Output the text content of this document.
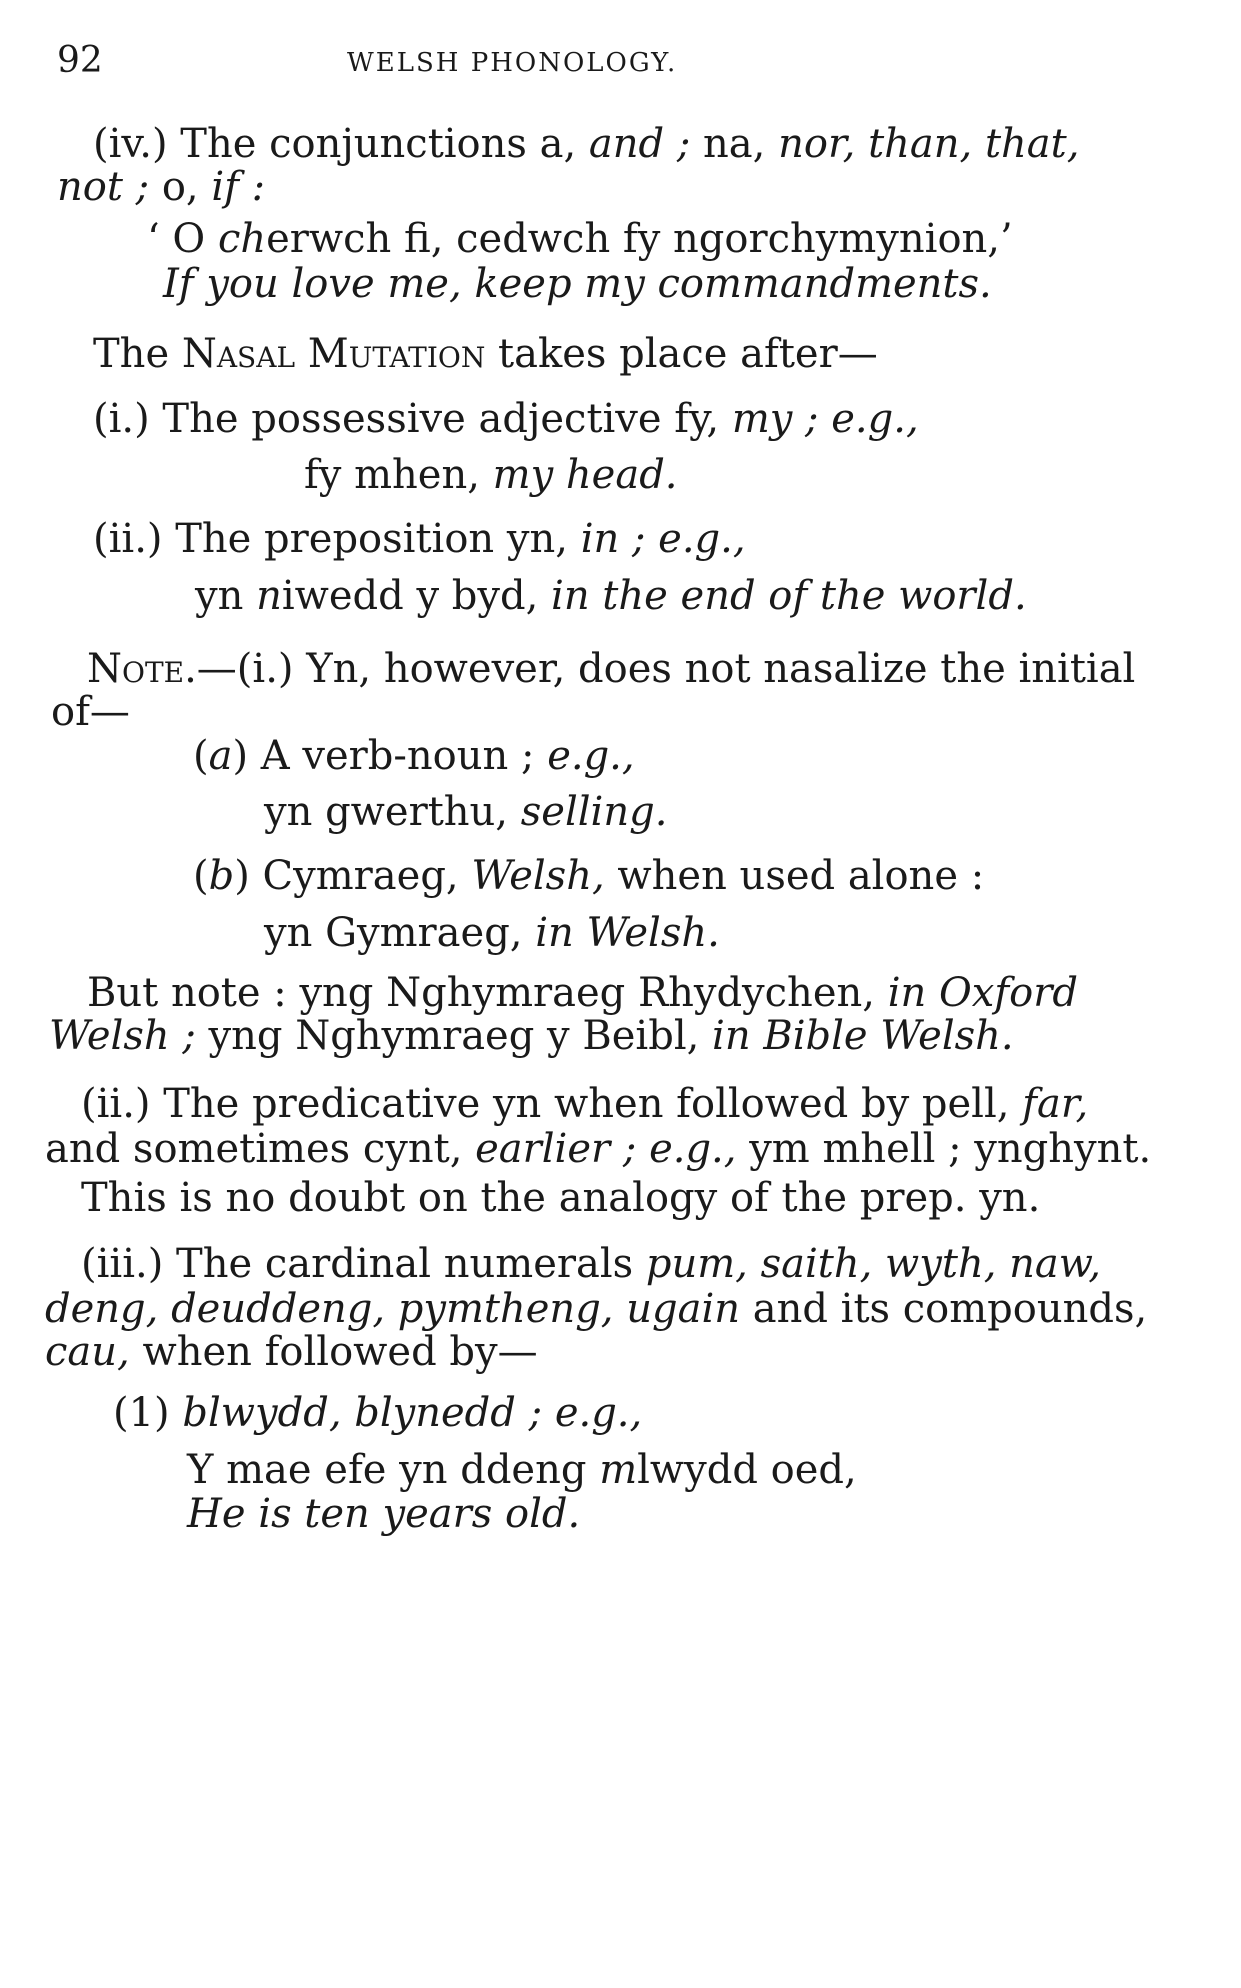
92	WELSH PHONOLOGY.
(iv.) The conjunctions a, and ; na, nor, than, that,
not ; o, if :
‘ O cherwch fi, cedwch fy ngorchymynion,’
If you love me, keep my commandments.
The Nasal Mutation takes place after—
(i.) The possessive adjective fy, my ; e.g.,
fy mhen, my head.
(ii.) The preposition yn, in ; e.g.,
yn niwedd y byd, in the end of the world.
Note.—(i.) Yn, however, does not nasalize the initial
of—
(a) A verb-noun ; e.g.,
yn gwerthu, selling.
(b) Cymraeg, Welsh, when used alone :
yn Gymraeg, in Welsh.
But note : yng Nghymraeg Rhydychen, in Oxford
Welsh ; yng Nghymraeg y Beibl, in Bible Welsh.
(ii.) The predicative yn when followed by pell, far,
and sometimes cynt, earlier ; e.g., ym mhell ; ynghynt.
This is no doubt on the analogy of the prep. yn.
(iii.) The cardinal numerals pum, saith, wyth, naw,
deng, deuddeng, pymtheng, ugain and its compounds,
cau, when followed by—
(1) blwydd, blynedd ; e.g.,
Y mae efe yn ddeng mlwydd oed,
He is ten years old.
